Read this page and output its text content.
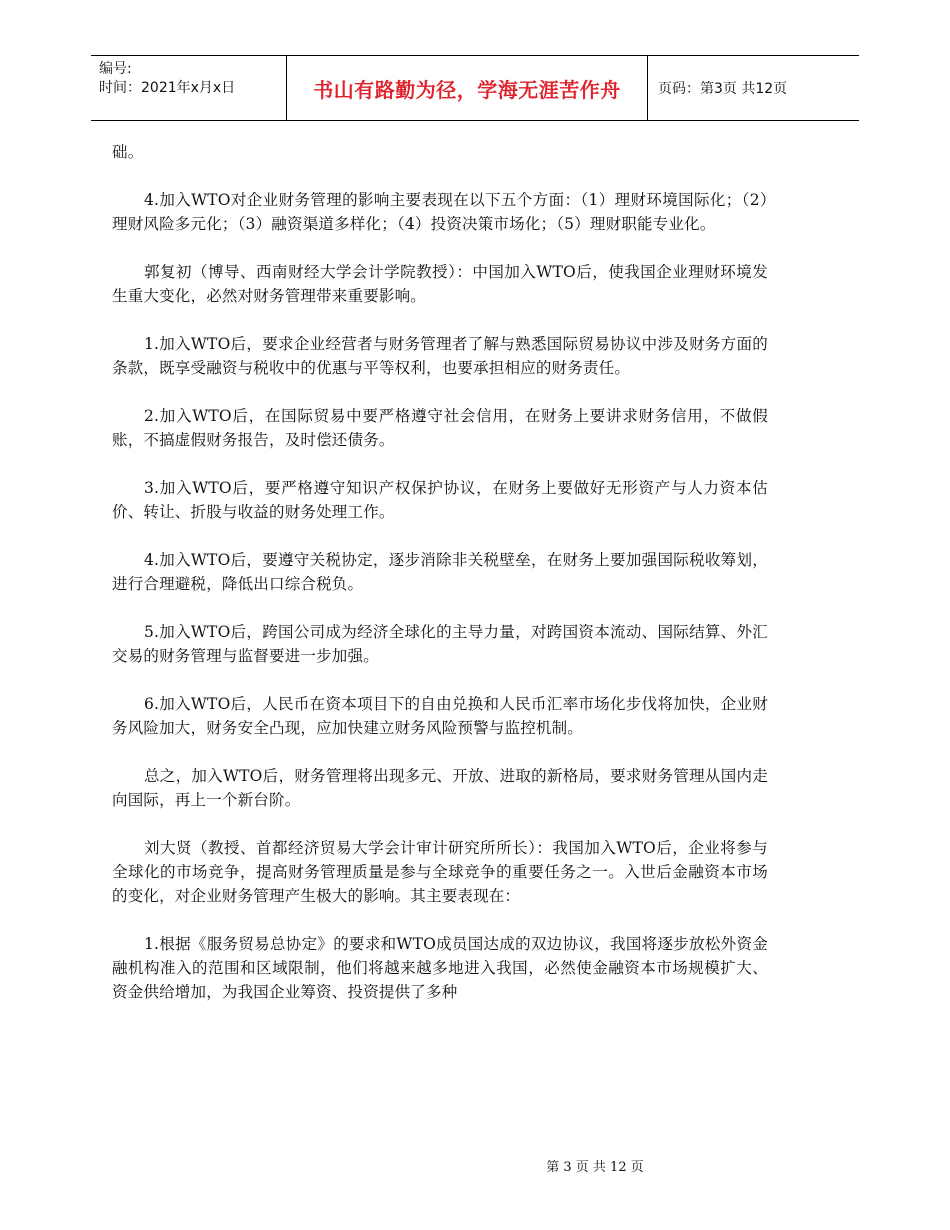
编号:
时间：2021年x月x日	书山有路勤为径，学海无涯苦作舟	页码：第3页 共12页

础。

4.加入WTO对企业财务管理的影响主要表现在以下五个方面：（1）理财环境国际化；（2）理财风险多元化；（3）融资渠道多样化；（4）投资决策市场化；（5）理财职能专业化。

郭复初（博导、西南财经大学会计学院教授）：中国加入WTO后，使我国企业理财环境发生重大变化，必然对财务管理带来重要影响。

1.加入WTO后，要求企业经营者与财务管理者了解与熟悉国际贸易协议中涉及财务方面的条款，既享受融资与税收中的优惠与平等权利，也要承担相应的财务责任。

2.加入WTO后，在国际贸易中要严格遵守社会信用，在财务上要讲求财务信用，不做假账，不搞虚假财务报告，及时偿还债务。

3.加入WTO后，要严格遵守知识产权保护协议，在财务上要做好无形资产与人力资本估价、转让、折股与收益的财务处理工作。

4.加入WTO后，要遵守关税协定，逐步消除非关税壁垒，在财务上要加强国际税收筹划，进行合理避税，降低出口综合税负。

5.加入WTO后，跨国公司成为经济全球化的主导力量，对跨国资本流动、国际结算、外汇交易的财务管理与监督要进一步加强。

6.加入WTO后，人民币在资本项目下的自由兑换和人民币汇率市场化步伐将加快，企业财务风险加大，财务安全凸现，应加快建立财务风险预警与监控机制。

总之，加入WTO后，财务管理将出现多元、开放、进取的新格局，要求财务管理从国内走向国际，再上一个新台阶。

刘大贤（教授、首都经济贸易大学会计审计研究所所长）：我国加入WTO后，企业将参与全球化的市场竞争，提高财务管理质量是参与全球竞争的重要任务之一。入世后金融资本市场的变化，对企业财务管理产生极大的影响。其主要表现在：

1.根据《服务贸易总协定》的要求和WTO成员国达成的双边协议，我国将逐步放松外资金融机构准入的范围和区域限制，他们将越来越多地进入我国，必然使金融资本市场规模扩大、资金供给增加，为我国企业筹资、投资提供了多种

第 3 页 共 12 页
